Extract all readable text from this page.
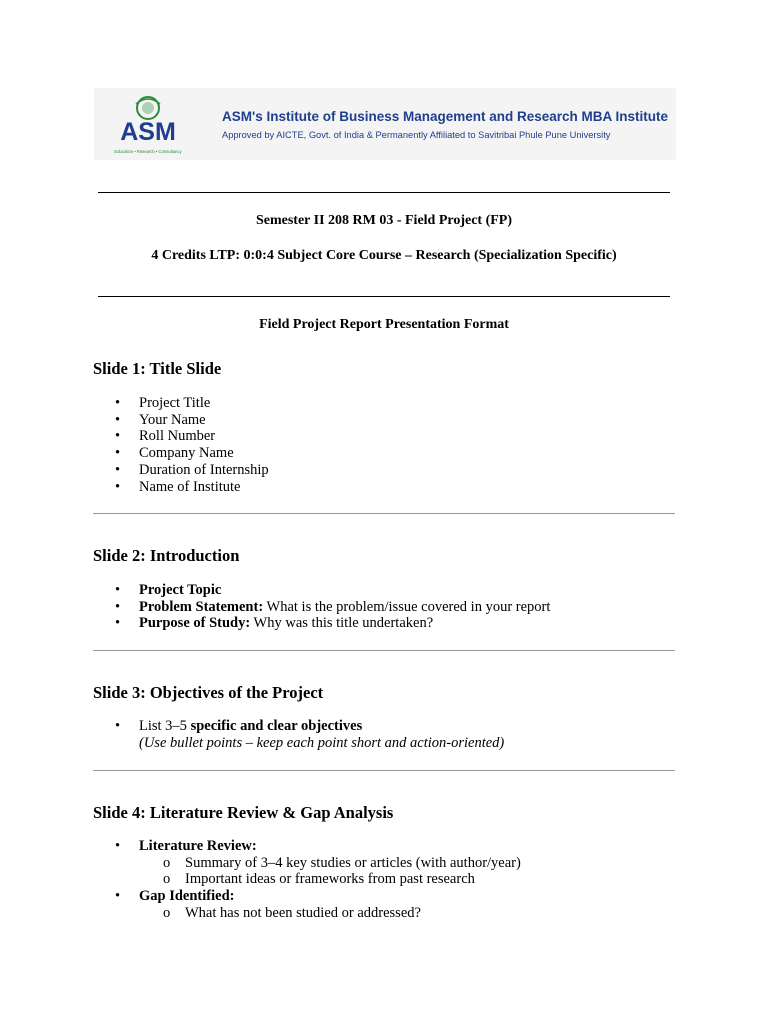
ASM
Education • Research • Consultancy
ASM's Institute of Business Management and Research MBA Institute
Approved by AICTE, Govt. of India & Permanently Affiliated to Savitribai Phule Pune University
Semester II 208 RM 03 - Field Project (FP)
4 Credits LTP: 0:0:4 Subject Core Course – Research (Specialization Specific)
Field Project Report Presentation Format
Slide 1: Title Slide
•	Project Title
•	Your Name
•	Roll Number
•	Company Name
•	Duration of Internship
•	Name of Institute
Slide 2: Introduction
•	Project Topic
•	Problem Statement: What is the problem/issue covered in your report
•	Purpose of Study: Why was this title undertaken?
Slide 3: Objectives of the Project
•	List 3–5 specific and clear objectives
(Use bullet points – keep each point short and action-oriented)
Slide 4: Literature Review & Gap Analysis
•	Literature Review:
o Summary of 3–4 key studies or articles (with author/year)
o Important ideas or frameworks from past research
•	Gap Identified:
o What has not been studied or addressed?
